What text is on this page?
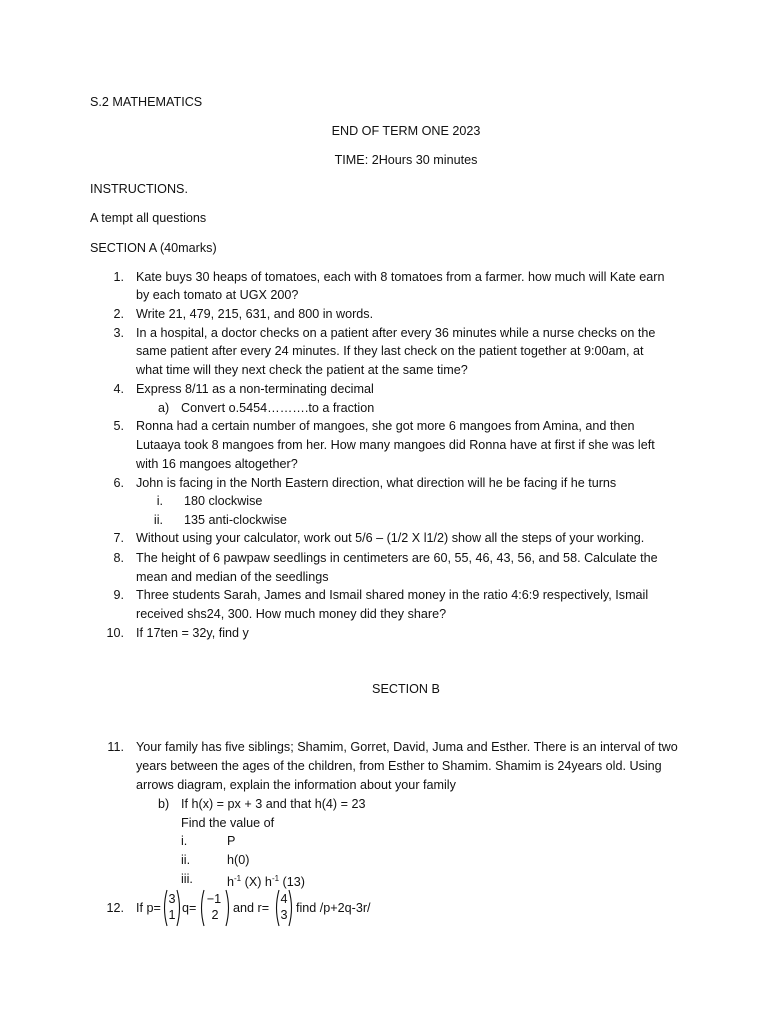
S.2 MATHEMATICS
END OF TERM ONE 2023
TIME: 2Hours 30 minutes
INSTRUCTIONS.
A tempt all questions
SECTION A (40marks)
1. Kate buys 30 heaps of tomatoes, each with 8 tomatoes from a farmer. how much will Kate earn
by each tomato at UGX 200?
2. Write 21, 479, 215, 631, and 800 in words.
3. In a hospital, a doctor checks on a patient after every 36 minutes while a nurse checks on the
same patient after every 24 minutes. If they last check on the patient together at 9:00am, at
what time will they next check the patient at the same time?
4. Express 8/11 as a non-terminating decimal
a) Convert o.5454……….to a fraction
5. Ronna had a certain number of mangoes, she got more 6 mangoes from Amina, and then
Lutaaya took 8 mangoes from her. How many mangoes did Ronna have at first if she was left
with 16 mangoes altogether?
6. John is facing in the North Eastern direction, what direction will he be facing if he turns
i. 180 clockwise
ii. 135 anti-clockwise
7. Without using your calculator, work out 5/6 – (1/2 X l1/2) show all the steps of your working.
8. The height of 6 pawpaw seedlings in centimeters are 60, 55, 46, 43, 56, and 58. Calculate the
mean and median of the seedlings
9. Three students Sarah, James and Ismail shared money in the ratio 4:6:9 respectively, Ismail
received shs24, 300. How much money did they share?
10. If 17ten = 32y, find y
SECTION B
11. Your family has five siblings; Shamim, Gorret, David, Juma and Esther. There is an interval of two
years between the ages of the children, from Esther to Shamim. Shamim is 24years old. Using
arrows diagram, explain the information about your family
b) If h(x) = px + 3 and that h(4) = 23
Find the value of
i.	P
ii.	h(0)
iii.	$h^{-1}$ (X) $h^{-1}$ (13)
12. If p=
3
1 q=
−1
2	and r=
4
3 find /p+2q-3r/
